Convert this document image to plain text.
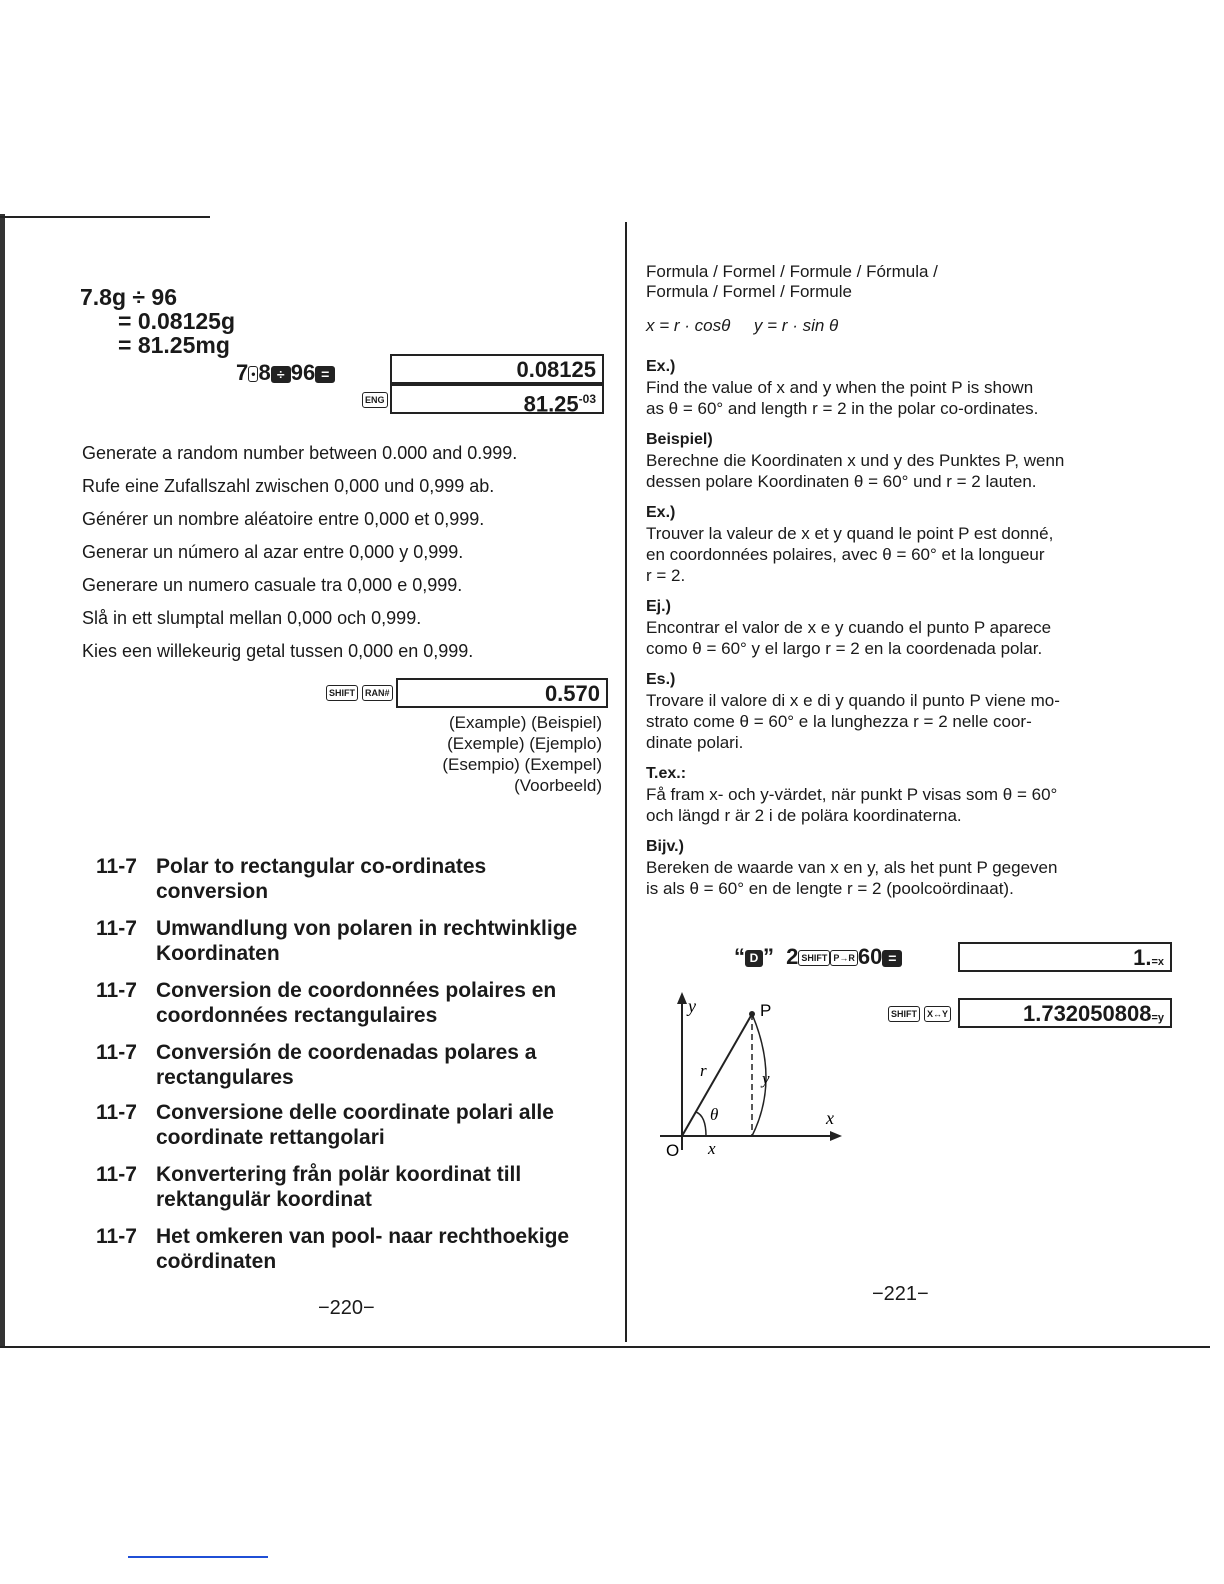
7.8g ÷ 96
= 0.08125g
= 81.25mg
7 • 8 ÷ 96 =	0.08125
ENG	$81.25^{-03}$
Generate a random number between 0.000 and 0.999.
Rufe eine Zufallszahl zwischen 0,000 und 0,999 ab.
Générer un nombre aléatoire entre 0,000 et 0,999.
Generar un número al azar entre 0,000 y 0,999.
Generare un numero casuale tra 0,000 e 0,999.
Slå in ett slumptal mellan 0,000 och 0,999.
Kies een willekeurig getal tussen 0,000 en 0,999.
SHIFT	RAN#	0.570
(Example) (Beispiel)
(Exemple) (Ejemplo)
(Esempio) (Exempel)
(Voorbeeld)
11-7 Polar to rectangular co-ordinates
conversion
11-7 Umwandlung von polaren in rechtwinklige
Koordinaten
11-7 Conversion de coordonnées polaires en
coordonnées rectangulaires
11-7 Conversión de coordenadas polares a
rectangulares
11-7 Conversione delle coordinate polari alle
coordinate rettangolari
11-7 Konvertering från polär koordinat till
rektangulär koordinat
11-7 Het omkeren van pool- naar rechthoekige
coördinaten
−220−
Formula / Formel / Formule / Fórmula /
Formula / Formel / Formule
x = r · cosθ     y = r · sin θ
Ex.)
Find the value of x and y when the point P is shown
as θ = 60° and length r = 2 in the polar co-ordinates.
Beispiel)
Berechne die Koordinaten x und y des Punktes P, wenn
dessen polare Koordinaten θ = 60° und r = 2 lauten.
Ex.)
Trouver la valeur de x et y quand le point P est donné,
en coordonnées polaires, avec θ = 60° et la longueur
r = 2.
Ej.)
Encontrar el valor de x e y cuando el punto P aparece
como θ = 60° y el largo r = 2 en la coordenada polar.
Es.)
Trovare il valore di x e di y quando il punto P viene mo-
strato come θ = 60° e la lunghezza r = 2 nelle coor-
dinate polari.
T.ex.:
Få fram x- och y-värdet, när punkt P visas som θ = 60°
och längd r är 2 i de polära koordinaterna.
Bijv.)
Bereken de waarde van x en y, als het punt P gegeven
is als θ = 60° en de lengte r = 2 (poolcoördinaat).
“ D ” 2 SHIFT P→R 60 =	1.=x
SHIFT	X↔Y	1.732050808=y
y	P
r	y
θ	x
O x
−221−
